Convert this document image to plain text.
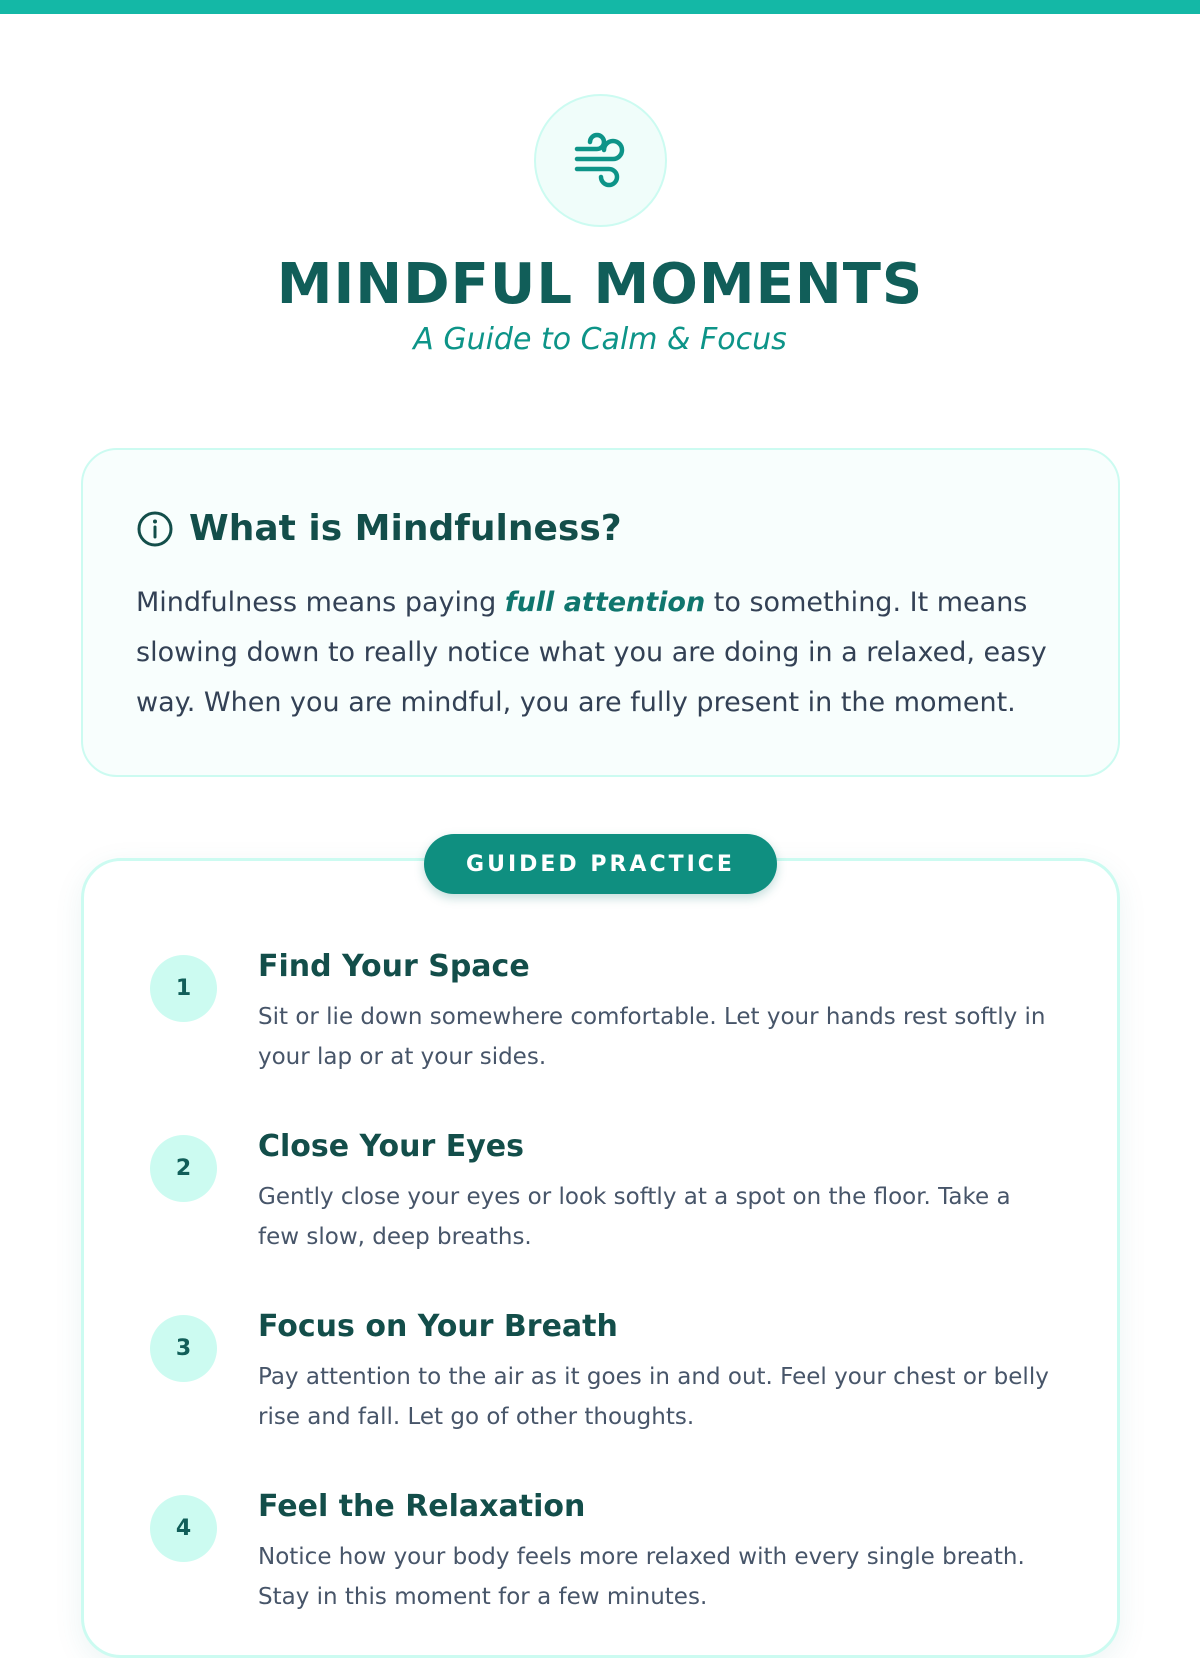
MINDFUL MOMENTS
A Guide to Calm & Focus
What is Mindfulness?

Mindfulness means paying full attention to something. It means slowing down to really notice what you are doing in a relaxed, easy way. When you are mindful, you are fully present in the moment.

GUIDED PRACTICE
1
Find Your Space
Sit or lie down somewhere comfortable. Let your hands rest softly in your lap or at your sides.
2
Close Your Eyes
Gently close your eyes or look softly at a spot on the floor. Take a few slow, deep breaths.
3
Focus on Your Breath
Pay attention to the air as it goes in and out. Feel your chest or belly rise and fall. Let go of other thoughts.
4
Feel the Relaxation
Notice how your body feels more relaxed with every single breath. Stay in this moment for a few minutes.
